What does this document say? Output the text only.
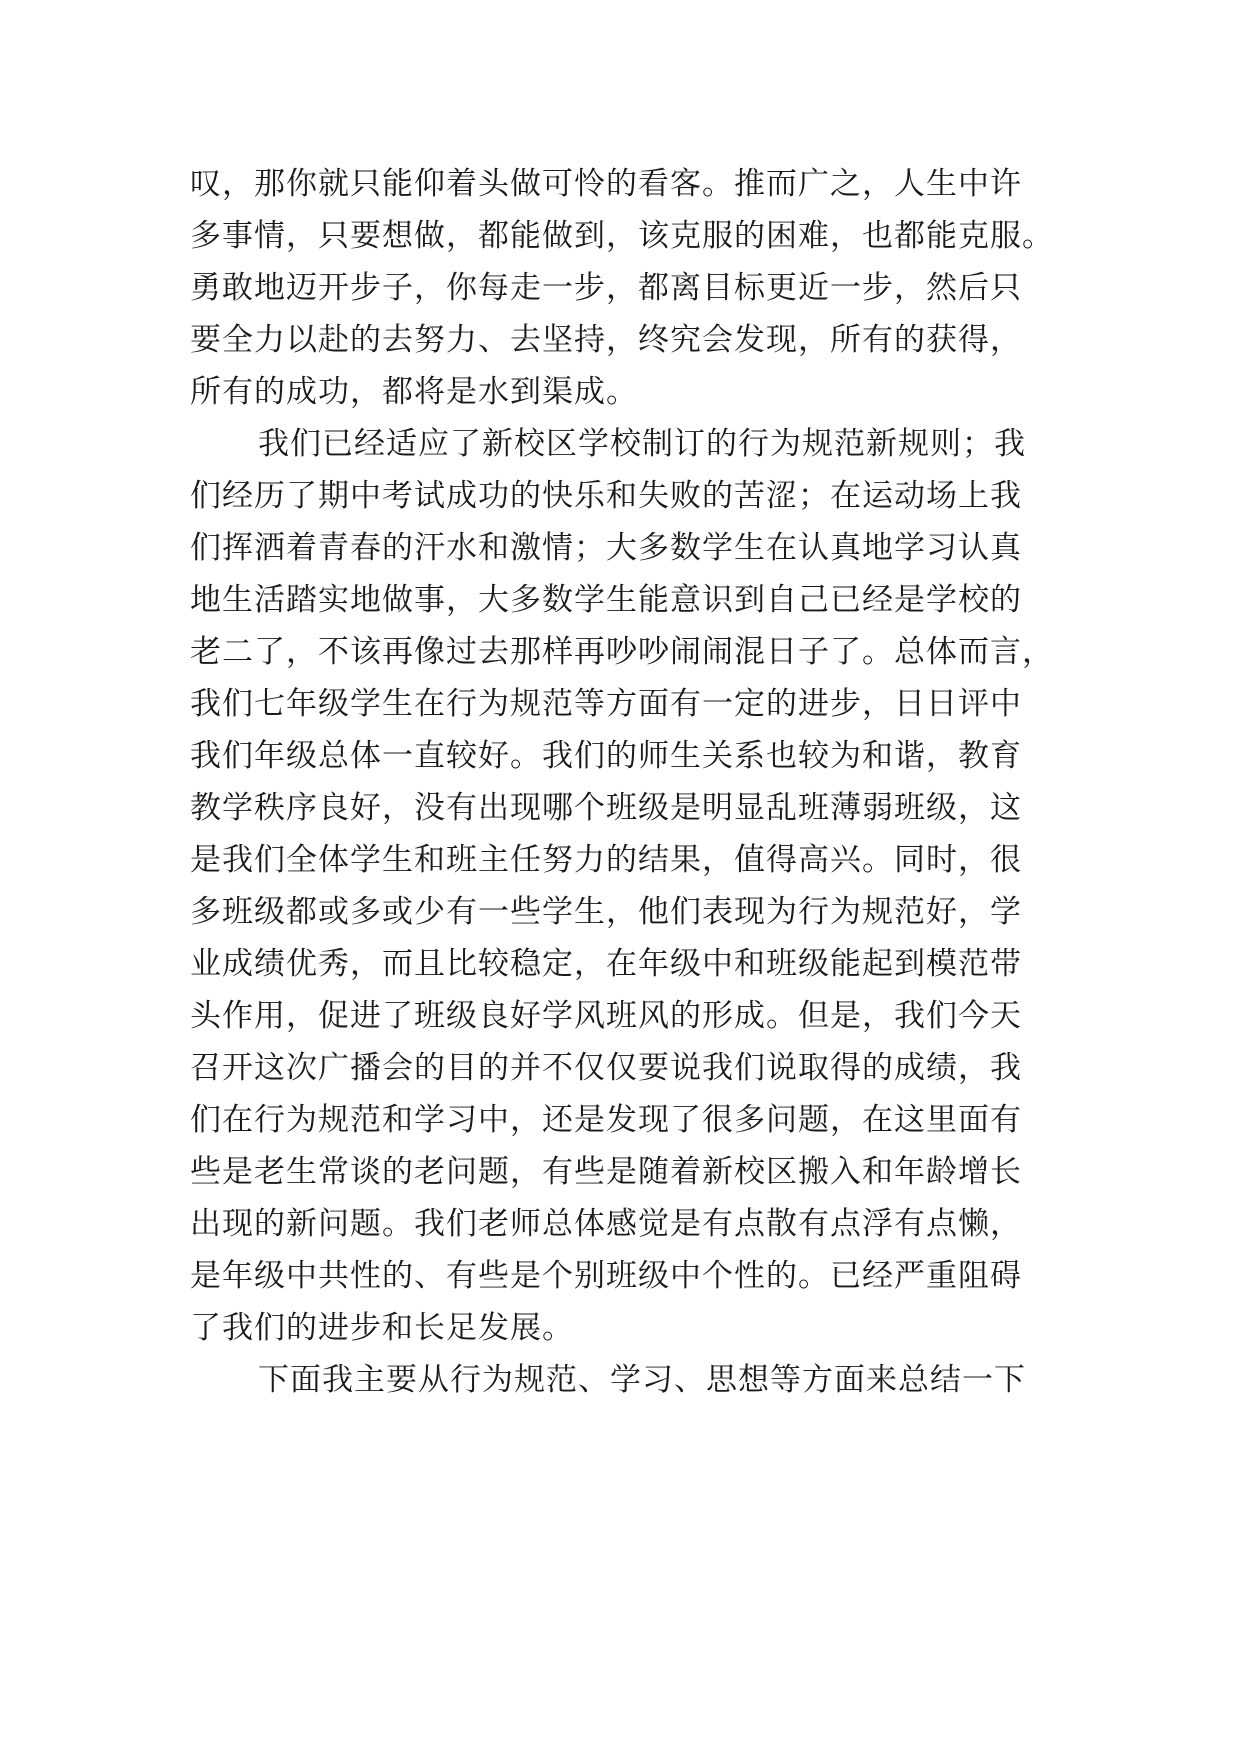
叹，那你就只能仰着头做可怜的看客。推而广之，人生中许
多事情，只要想做，都能做到，该克服的困难，也都能克服。
勇敢地迈开步子，你每走一步，都离目标更近一步，然后只
要全力以赴的去努力、去坚持，终究会发现，所有的获得，
所有的成功，都将是水到渠成。
我们已经适应了新校区学校制订的行为规范新规则；我
们经历了期中考试成功的快乐和失败的苦涩；在运动场上我
们挥洒着青春的汗水和激情；大多数学生在认真地学习认真
地生活踏实地做事，大多数学生能意识到自己已经是学校的
老二了，不该再像过去那样再吵吵闹闹混日子了。总体而言，
我们七年级学生在行为规范等方面有一定的进步，日日评中
我们年级总体一直较好。我们的师生关系也较为和谐，教育
教学秩序良好，没有出现哪个班级是明显乱班薄弱班级，这
是我们全体学生和班主任努力的结果，值得高兴。同时，很
多班级都或多或少有一些学生，他们表现为行为规范好，学
业成绩优秀，而且比较稳定，在年级中和班级能起到模范带
头作用，促进了班级良好学风班风的形成。但是，我们今天
召开这次广播会的目的并不仅仅要说我们说取得的成绩，我
们在行为规范和学习中，还是发现了很多问题，在这里面有
些是老生常谈的老问题，有些是随着新校区搬入和年龄增长
出现的新问题。我们老师总体感觉是有点散有点浮有点懒，
是年级中共性的、有些是个别班级中个性的。已经严重阻碍
了我们的进步和长足发展。
下面我主要从行为规范、学习、思想等方面来总结一下
